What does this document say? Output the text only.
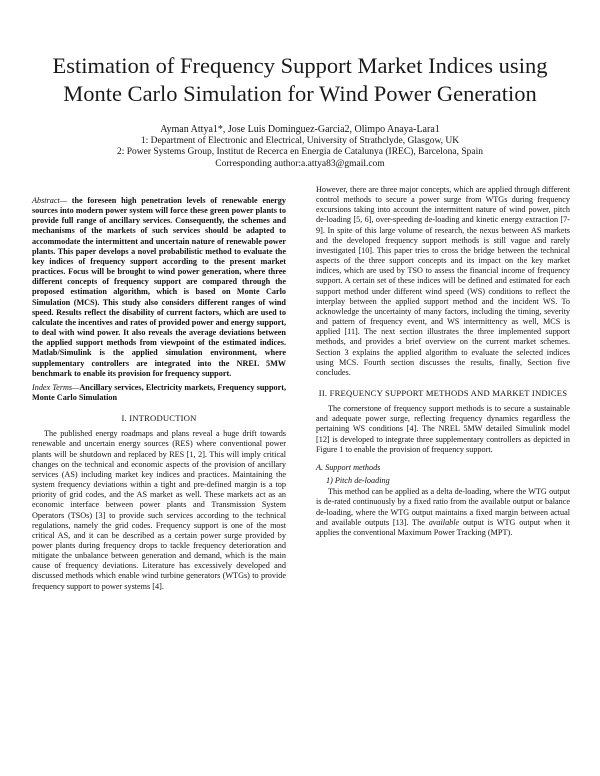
Estimation of Frequency Support Market Indices using
Monte Carlo Simulation for Wind Power Generation
Ayman Attya1*, Jose Luis Dominguez-Garcia2, Olimpo Anaya-Lara1
1: Department of Electronic and Electrical, University of Strathclyde, Glasgow, UK
2: Power Systems Group, Institut de Recerca en Energia de Catalunya (IREC), Barcelona, Spain
Corresponding author:a.attya83@gmail.com

Abstract— the foreseen high penetration levels of renewable energy sources into modern power system will force these green power plants to provide full range of ancillary services. Consequently, the schemes and mechanisms of the markets of such services should be adapted to accommodate the intermittent and uncertain nature of renewable power plants. This paper develops a novel probabilistic method to evaluate the key indices of frequency support according to the present market practices. Focus will be brought to wind power generation, where three different concepts of frequency support are compared through the proposed estimation algorithm, which is based on Monte Carlo Simulation (MCS). This study also considers different ranges of wind speed. Results reflect the disability of current factors, which are used to calculate the incentives and rates of provided power and energy support, to deal with wind power. It also reveals the average deviations between the applied support methods from viewpoint of the estimated indices. Matlab/Simulink is the applied simulation environment, where supplementary controllers are integrated into the NREL 5MW benchmark to enable its provision for frequency support.

Index Terms—Ancillary services, Electricity markets, Frequency support, Monte Carlo Simulation

I. INTRODUCTION

The published energy roadmaps and plans reveal a huge drift towards renewable and uncertain energy sources (RES) where conventional power plants will be shutdown and replaced by RES [1, 2]. This will imply critical changes on the technical and economic aspects of the provision of ancillary services (AS) including market key indices and practices. Maintaining the system frequency deviations within a tight and pre-defined margin is a top priority of grid codes, and the AS market as well. These markets act as an economic interface between power plants and Transmission System Operators (TSOs) [3] to provide such services according to the technical regulations, namely the grid codes. Frequency support is one of the most critical AS, and it can be described as a certain power surge provided by power plants during frequency drops to tackle frequency deterioration and mitigate the unbalance between generation and demand, which is the main cause of frequency deviations. Literature has excessively developed and discussed methods which enable wind turbine generators (WTGs) to provide frequency support to power systems [4].

However, there are three major concepts, which are applied through different control methods to secure a power surge from WTGs during frequency excursions taking into account the intermittent nature of wind power, pitch de-loading [5, 6], over-speeding de-loading and kinetic energy extraction [7-9]. In spite of this large volume of research, the nexus between AS markets and the developed frequency support methods is still vague and rarely investigated [10]. This paper tries to cross the bridge between the technical aspects of the three support concepts and its impact on the key market indices, which are used by TSO to assess the financial income of frequency support. A certain set of these indices will be defined and estimated for each support method under different wind speed (WS) conditions to reflect the interplay between the applied support method and the incident WS. To acknowledge the uncertainty of many factors, including the timing, severity and pattern of frequency event, and WS intermittency as well, MCS is applied [11]. The next section illustrates the three implemented support methods, and provides a brief overview on the current market schemes. Section 3 explains the applied algorithm to evaluate the selected indices using MCS. Fourth section discusses the results, finally, Section five concludes.

II. FREQUENCY SUPPORT METHODS AND MARKET INDICES

The cornerstone of frequency support methods is to secure a sustainable and adequate power surge, reflecting frequency dynamics regardless the pertaining WS conditions [4]. The NREL 5MW detailed Simulink model [12] is developed to integrate three supplementary controllers as depicted in Figure 1 to enable the provision of frequency support.

A. Support methods
1) Pitch de-loading

This method can be applied as a delta de-loading, where the WTG output is de-rated continuously by a fixed ratio from the available output or balance de-loading, where the WTG output maintains a fixed margin between actual and available outputs [13]. The available output is WTG output when it applies the conventional Maximum Power Tracking (MPT).
